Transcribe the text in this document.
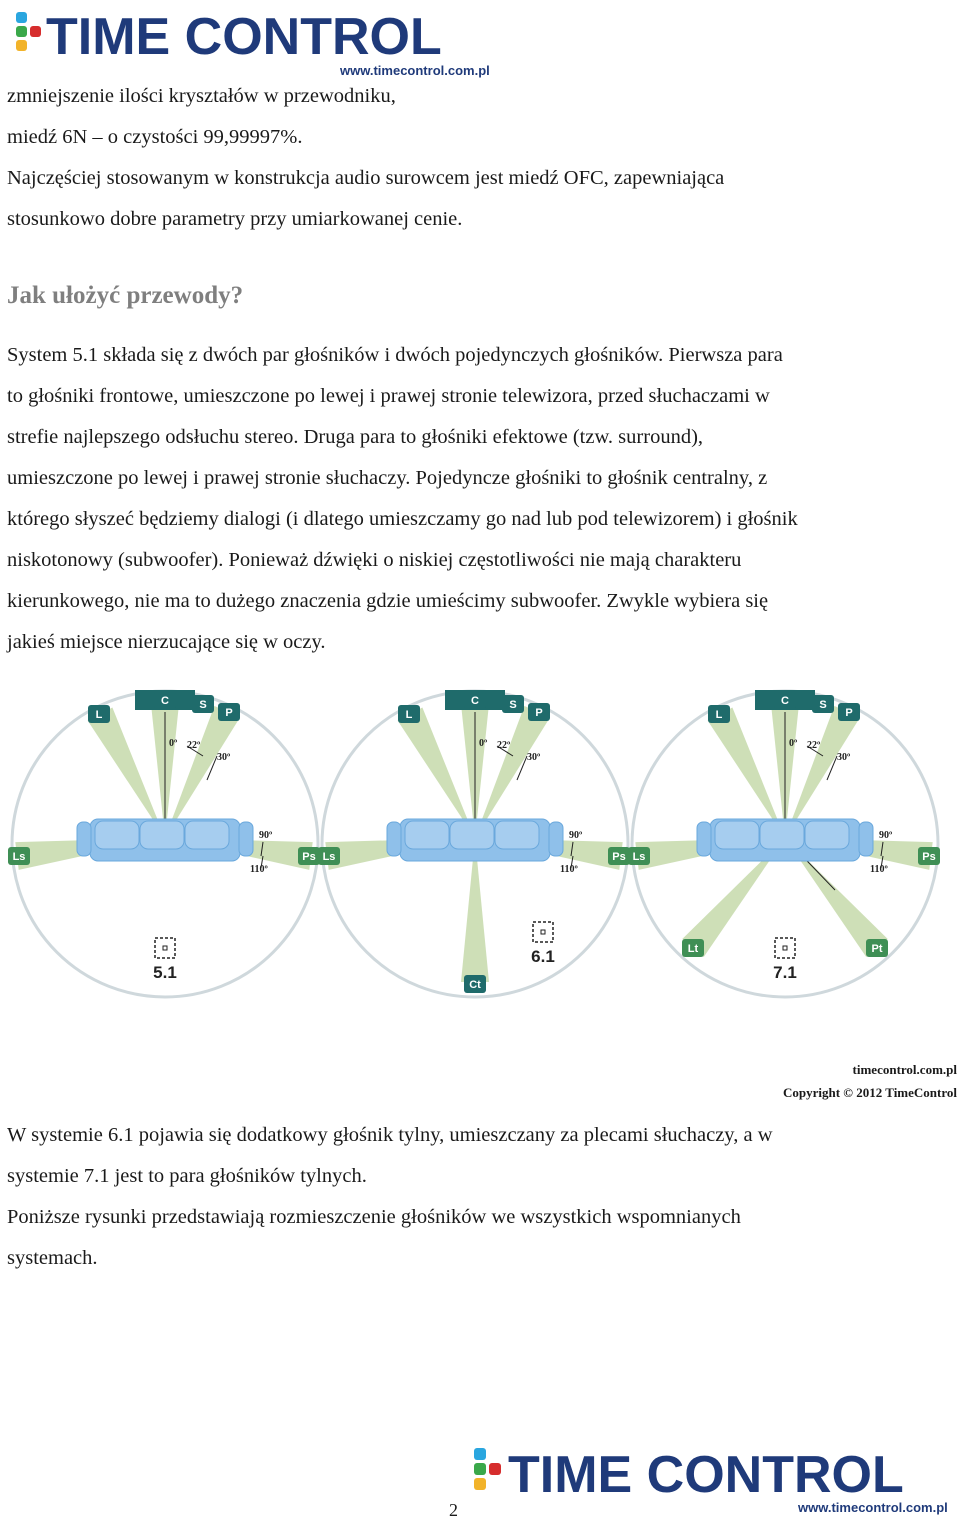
TIME CONTROL
www.timecontrol.com.pl

zmniejszenie ilości kryształów w przewodniku,

miedź 6N – o czystości 99,99997%.

Najczęściej stosowanym w konstrukcja audio surowcem jest miedź OFC, zapewniająca

stosunkowo dobre parametry przy umiarkowanej cenie.

Jak ułożyć przewody?

System 5.1 składa się z dwóch par głośników i dwóch pojedynczych głośników. Pierwsza para

to głośniki frontowe, umieszczone po lewej i prawej stronie telewizora, przed słuchaczami w

strefie najlepszego odsłuchu stereo. Druga para to głośniki efektowe (tzw. surround),

umieszczone po lewej i prawej stronie słuchaczy. Pojedyncze głośniki to głośnik centralny, z

którego słyszeć będziemy dialogi (i dlatego umieszczamy go nad lub pod telewizorem) i głośnik

niskotonowy (subwoofer). Ponieważ dźwięki o niskiej częstotliwości nie mają charakteru

kierunkowego, nie ma to dużego znaczenia gdzie umieścimy subwoofer. Zwykle wybiera się

jakieś miejsce nierzucające się w oczy.

C	S
P
L
Ls	Ps
0º 22º
30º
90º
110º
5.1
C	S
P
L
Ls	Ps
Ct
0º 22º
30º
90º
110º
6.1
C	S
P
L
Ls	Ps
Lt	Pt
0º 22º
30º
90º
110º
7.1
timecontrol.com.pl
Copyright © 2012 TimeControl

W systemie 6.1 pojawia się dodatkowy głośnik tylny, umieszczany za plecami słuchaczy, a w

systemie 7.1 jest to para głośników tylnych.

Poniższe rysunki przedstawiają rozmieszczenie głośników we wszystkich wspomnianych

systemach.

TIME CONTROL
www.timecontrol.com.pl
2
